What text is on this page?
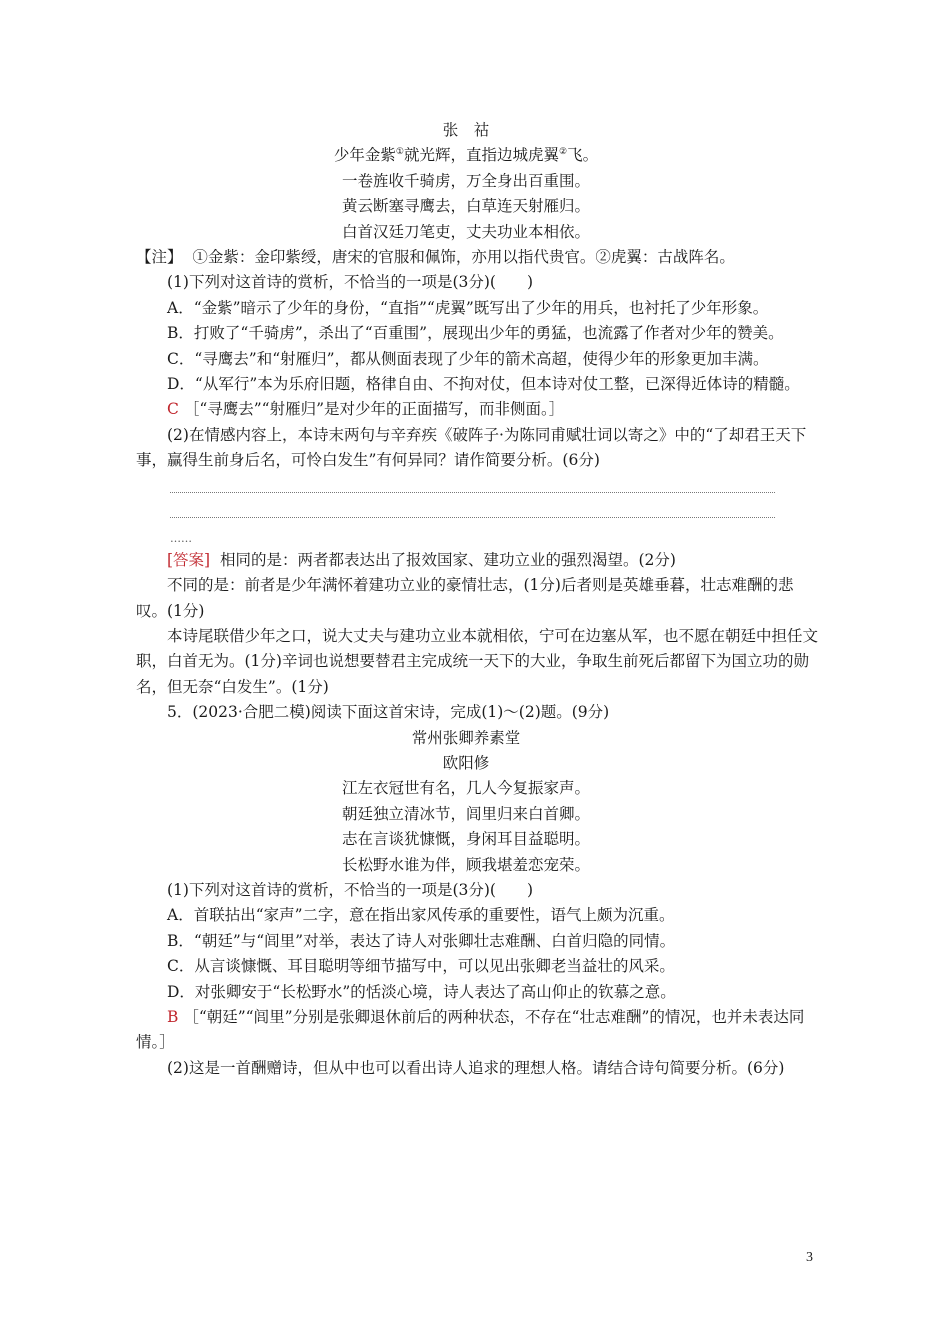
张祜
少年金紫①就光辉，直指边城虎翼②飞。
一卷旌收千骑虏，万全身出百重围。
黄云断塞寻鹰去，白草连天射雁归。
白首汉廷刀笔吏，丈夫功业本相依。
【注】 ①金紫：金印紫绶，唐宋的官服和佩饰，亦用以指代贵官。②虎翼：古战阵名。

(1)下列对这首诗的赏析，不恰当的一项是(3分)(　　)

A．“金紫”暗示了少年的身份，“直指”“虎翼”既写出了少年的用兵，也衬托了少年形象。

B．打败了“千骑虏”，杀出了“百重围”，展现出少年的勇猛，也流露了作者对少年的赞美。

C．“寻鹰去”和“射雁归”，都从侧面表现了少年的箭术高超，使得少年的形象更加丰满。

D．“从军行”本为乐府旧题，格律自由、不拘对仗，但本诗对仗工整，已深得近体诗的精髓。

C ［“寻鹰去”“射雁归”是对少年的正面描写，而非侧面。］

(2)在情感内容上，本诗末两句与辛弃疾《破阵子·为陈同甫赋壮词以寄之》中的“了却君王天下事，赢得生前身后名，可怜白发生”有何异同？请作简要分析。(6分)

……

[答案] 相同的是：两者都表达出了报效国家、建功立业的强烈渴望。(2分)

不同的是：前者是少年满怀着建功立业的豪情壮志，(1分)后者则是英雄垂暮，壮志难酬的悲叹。(1分)

本诗尾联借少年之口，说大丈夫与建功立业本就相依，宁可在边塞从军，也不愿在朝廷中担任文职，白首无为。(1分)辛词也说想要替君主完成统一天下的大业，争取生前死后都留下为国立功的勋名，但无奈“白发生”。(1分)

5．(2023·合肥二模)阅读下面这首宋诗，完成(1)～(2)题。(9分)

常州张卿养素堂
欧阳修
江左衣冠世有名，几人今复振家声。
朝廷独立清冰节，闾里归来白首卿。
志在言谈犹慷慨，身闲耳目益聪明。
长松野水谁为伴，顾我堪羞恋宠荣。

(1)下列对这首诗的赏析，不恰当的一项是(3分)(　　)

A．首联拈出“家声”二字，意在指出家风传承的重要性，语气上颇为沉重。

B．“朝廷”与“闾里”对举，表达了诗人对张卿壮志难酬、白首归隐的同情。

C．从言谈慷慨、耳目聪明等细节描写中，可以见出张卿老当益壮的风采。

D．对张卿安于“长松野水”的恬淡心境，诗人表达了高山仰止的钦慕之意。

B ［“朝廷”“闾里”分别是张卿退休前后的两种状态，不存在“壮志难酬”的情况，也并未表达同情。］

(2)这是一首酬赠诗，但从中也可以看出诗人追求的理想人格。请结合诗句简要分析。(6分)

3
